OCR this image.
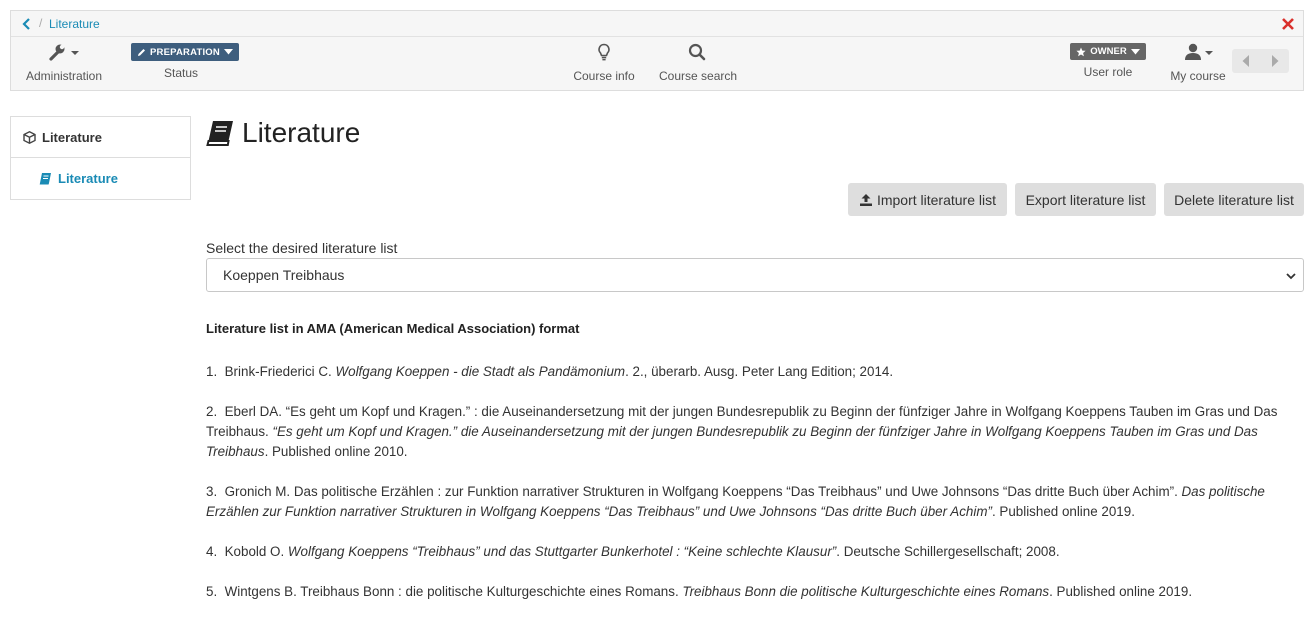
/ Literature
Administration
PREPARATION
Status	Course info Course search
OWNER
User role	My course
Literature
Literature
Literature
Import literature list Export literature list Delete literature list
Select the desired literature list
Koeppen Treibhaus
Literature list in AMA (American Medical Association) format
1. Brink-Friederici C. Wolfgang Koeppen - die Stadt als Pandämonium. 2., überarb. Ausg. Peter Lang Edition; 2014.
2. Eberl DA. “Es geht um Kopf und Kragen.” : die Auseinandersetzung mit der jungen Bundesrepublik zu Beginn der fünfziger Jahre in Wolfgang Koeppens Tauben im Gras und Das Treibhaus. “Es geht um Kopf und Kragen.” die Auseinandersetzung mit der jungen Bundesrepublik zu Beginn der fünfziger Jahre in Wolfgang Koeppens Tauben im Gras und Das Treibhaus. Published online 2010.
3. Gronich M. Das politische Erzählen : zur Funktion narrativer Strukturen in Wolfgang Koeppens “Das Treibhaus” und Uwe Johnsons “Das dritte Buch über Achim”. Das politische Erzählen zur Funktion narrativer Strukturen in Wolfgang Koeppens “Das Treibhaus” und Uwe Johnsons “Das dritte Buch über Achim”. Published online 2019.
4. Kobold O. Wolfgang Koeppens “Treibhaus” und das Stuttgarter Bunkerhotel : “Keine schlechte Klausur”. Deutsche Schillergesellschaft; 2008.
5. Wintgens B. Treibhaus Bonn : die politische Kulturgeschichte eines Romans. Treibhaus Bonn die politische Kulturgeschichte eines Romans. Published online 2019.
